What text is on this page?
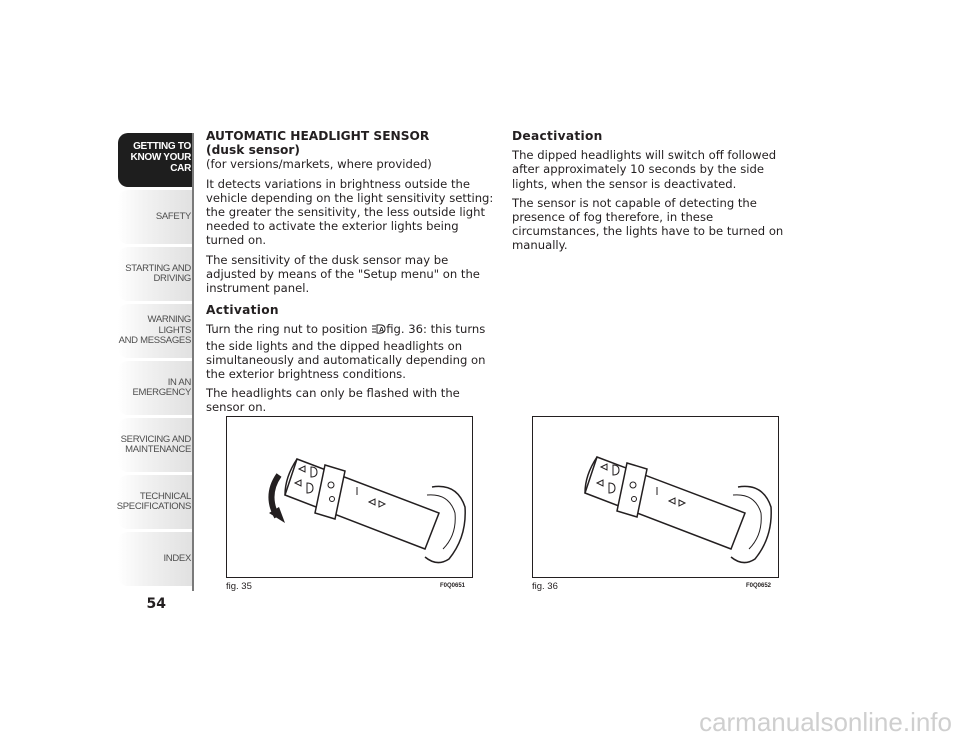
GETTING TO
KNOW YOUR CAR
SAFETY
STARTING AND
DRIVING
WARNING LIGHTS
AND MESSAGES
IN AN EMERGENCY
SERVICING AND
MAINTENANCE
TECHNICAL
SPECIFICATIONS
INDEX
54
AUTOMATIC HEADLIGHT SENSOR
(dusk sensor)

(for versions/markets, where provided)

It detects variations in brightness outside the vehicle depending on the light sensitivity setting: the greater the sensitivity, the less outside light needed to activate the exterior lights being turned on.

The sensitivity of the dusk sensor may be adjusted by means of the "Setup menu" on the instrument panel.

Activation

Turn the ring nut to position A fig. 36: this turns the side lights and the dipped headlights on simultaneously and automatically depending on the exterior brightness conditions.

The headlights can only be flashed with the sensor on.

Deactivation

The dipped headlights will switch off followed after approximately 10 seconds by the side lights, when the sensor is deactivated.

The sensor is not capable of detecting the presence of fog therefore, in these circumstances, the lights have to be turned on manually.

fig. 35	F0Q0651	fig. 36	F0Q0652
carmanualsonline.info
